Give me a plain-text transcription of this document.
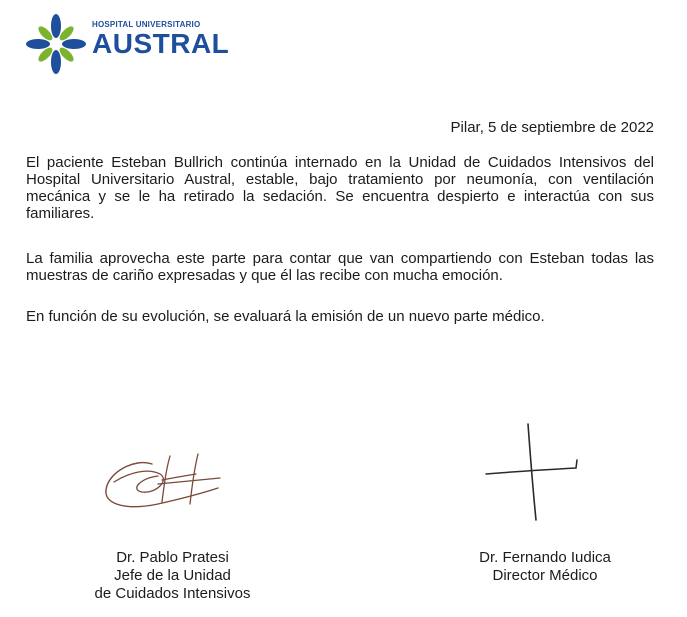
HOSPITAL UNIVERSITARIO
AUSTRAL
Pilar, 5 de septiembre de 2022

El paciente Esteban Bullrich continúa internado en la Unidad de Cuidados Intensivos del Hospital Universitario Austral, estable, bajo tratamiento por neumonía, con ventilación mecánica y se le ha retirado la sedación. Se encuentra despierto e interactúa con sus familiares.

La familia aprovecha este parte para contar que van compartiendo con Esteban todas las muestras de cariño expresadas y que él las recibe con mucha emoción.

En función de su evolución, se evaluará la emisión de un nuevo parte médico.

Dr. Pablo Pratesi
Jefe de la Unidad
de Cuidados Intensivos
Dr. Fernando Iudica
Director Médico
